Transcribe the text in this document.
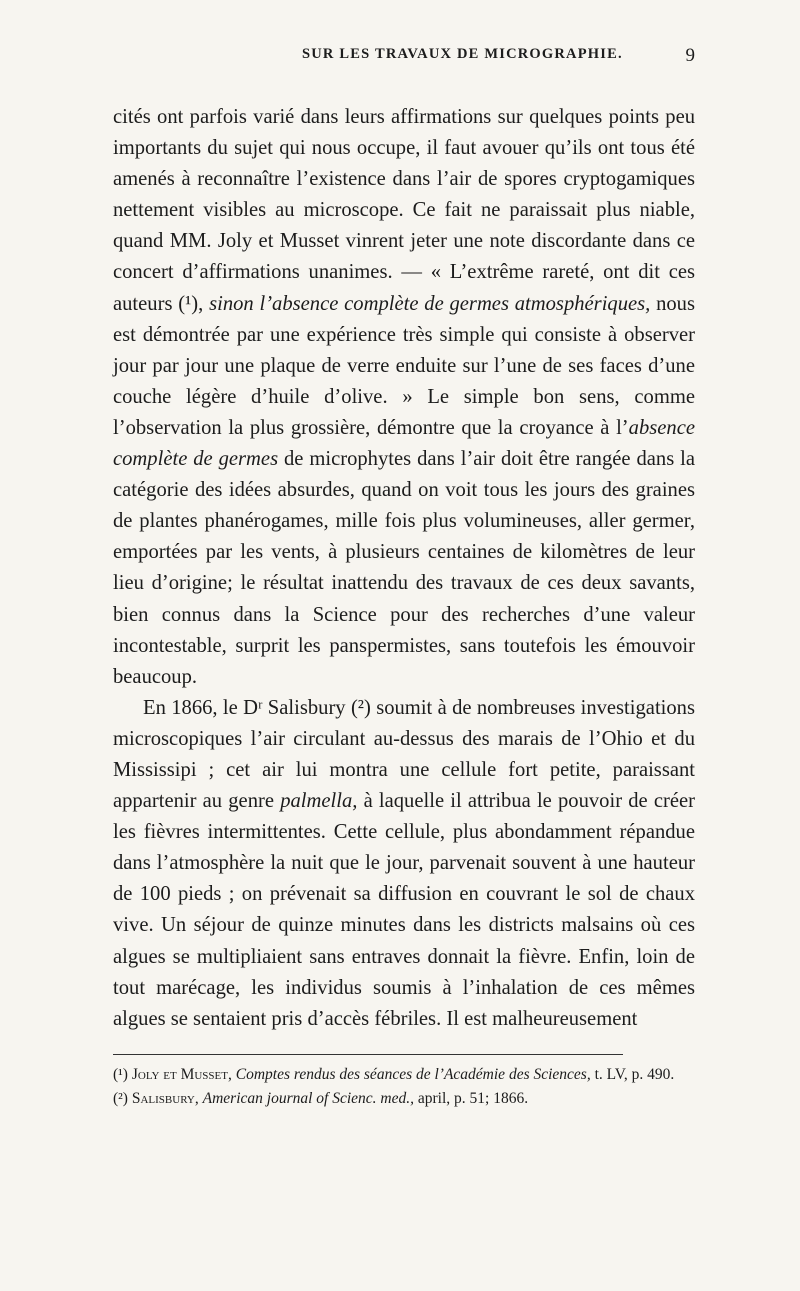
SUR LES TRAVAUX DE MICROGRAPHIE.	9

cités ont parfois varié dans leurs affirmations sur quelques points peu importants du sujet qui nous occupe, il faut avouer qu’ils ont tous été amenés à reconnaître l’existence dans l’air de spores cryptogamiques nettement visibles au microscope. Ce fait ne paraissait plus niable, quand MM. Joly et Musset vinrent jeter une note discordante dans ce concert d’affirmations unanimes. — « L’extrême rareté, ont dit ces auteurs (¹), sinon l’absence complète de germes atmosphériques, nous est démontrée par une expérience très simple qui consiste à observer jour par jour une plaque de verre enduite sur l’une de ses faces d’une couche légère d’huile d’olive. » Le simple bon sens, comme l’observation la plus grossière, démontre que la croyance à l’absence complète de germes de microphytes dans l’air doit être rangée dans la catégorie des idées absurdes, quand on voit tous les jours des graines de plantes phanérogames, mille fois plus volumineuses, aller germer, emportées par les vents, à plusieurs centaines de kilomètres de leur lieu d’origine; le résultat inattendu des travaux de ces deux savants, bien connus dans la Science pour des recherches d’une valeur incontestable, surprit les panspermistes, sans toutefois les émouvoir beaucoup.

En 1866, le Dʳ Salisbury (²) soumit à de nombreuses investigations microscopiques l’air circulant au-dessus des marais de l’Ohio et du Mississipi ; cet air lui montra une cellule fort petite, paraissant appartenir au genre palmella, à laquelle il attribua le pouvoir de créer les fièvres intermittentes. Cette cellule, plus abondamment répandue dans l’atmosphère la nuit que le jour, parvenait souvent à une hauteur de 100 pieds ; on prévenait sa diffusion en couvrant le sol de chaux vive. Un séjour de quinze minutes dans les districts malsains où ces algues se multipliaient sans entraves donnait la fièvre. Enfin, loin de tout marécage, les individus soumis à l’inhalation de ces mêmes algues se sentaient pris d’accès fébriles. Il est malheureusement

(¹) Joly et Musset, Comptes rendus des séances de l’Académie des Sciences, t. LV, p. 490.

(²) Salisbury, American journal of Scienc. med., april, p. 51; 1866.
